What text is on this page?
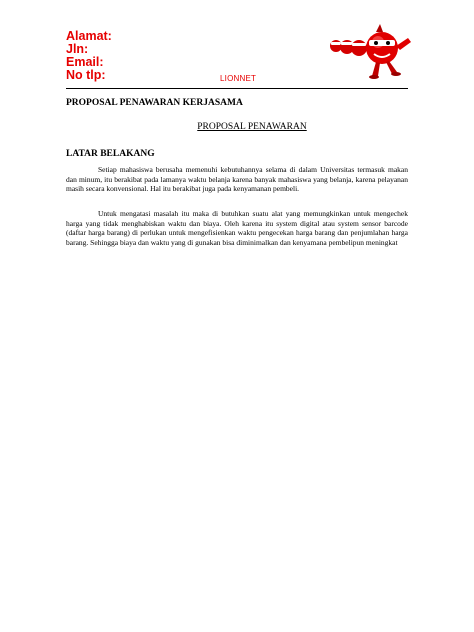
Alamat:
Jln:
Email:
No tlp:	LIONNET
PROPOSAL PENAWARAN KERJASAMA
PROPOSAL PENAWARAN
LATAR BELAKANG

Setiap mahasiswa berusaha memenuhi kebutuhannya selama di dalam Universitas termasuk makan dan minum, itu berakibat pada lamanya waktu belanja karena banyak mahasiswa yang belanja, karena pelayanan masih secara konvensional. Hal itu berakibat juga pada kenyamanan pembeli.

Untuk mengatasi masalah itu maka di butuhkan suatu alat yang memungkinkan untuk mengechek harga yang tidak menghabiskan waktu dan biaya. Oleh karena itu system digital atau system sensor barcode (daftar harga barang) di perlukan untuk mengefisienkan waktu pengecekan harga barang dan penjumlahan harga barang. Sehingga biaya dan waktu yang di gunakan bisa diminimalkan dan kenyamana pembelipun meningkat
